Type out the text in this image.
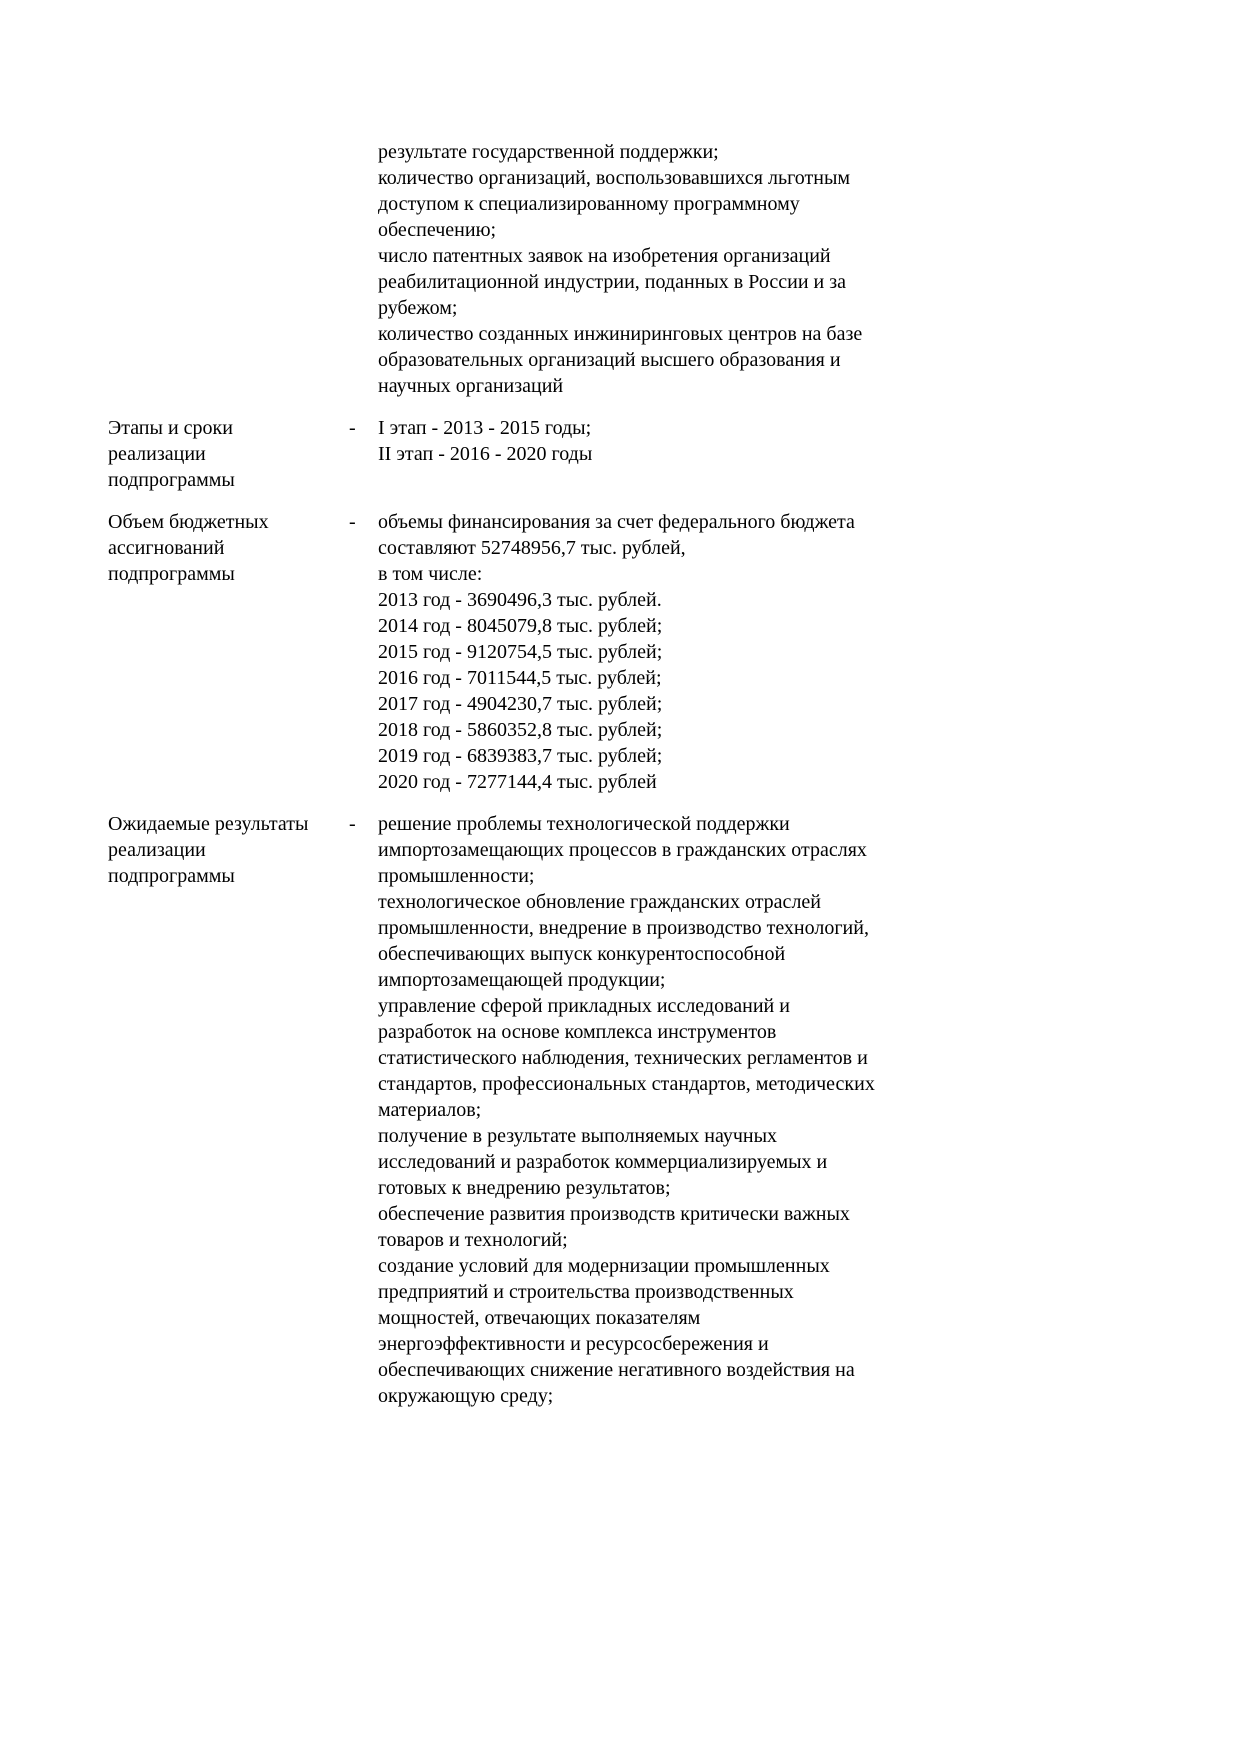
результате государственной поддержки;
количество организаций, воспользовавшихся льготным
доступом к специализированному программному
обеспечению;
число патентных заявок на изобретения организаций
реабилитационной индустрии, поданных в России и за
рубежом;
количество созданных инжиниринговых центров на базе
образовательных организаций высшего образования и
научных организаций
Этапы и сроки
реализации
подпрограммы
-	I этап - 2013 - 2015 годы;
II этап - 2016 - 2020 годы
Объем бюджетных
ассигнований
подпрограммы
-	объемы финансирования за счет федерального бюджета
составляют 52748956,7 тыс. рублей,
в том числе:
2013 год - 3690496,3 тыс. рублей.
2014 год - 8045079,8 тыс. рублей;
2015 год - 9120754,5 тыс. рублей;
2016 год - 7011544,5 тыс. рублей;
2017 год - 4904230,7 тыс. рублей;
2018 год - 5860352,8 тыс. рублей;
2019 год - 6839383,7 тыс. рублей;
2020 год - 7277144,4 тыс. рублей
Ожидаемые результаты
реализации
подпрограммы
-	решение проблемы технологической поддержки
импортозамещающих процессов в гражданских отраслях
промышленности;
технологическое обновление гражданских отраслей
промышленности, внедрение в производство технологий,
обеспечивающих выпуск конкурентоспособной
импортозамещающей продукции;
управление сферой прикладных исследований и
разработок на основе комплекса инструментов
статистического наблюдения, технических регламентов и
стандартов, профессиональных стандартов, методических
материалов;
получение в результате выполняемых научных
исследований и разработок коммерциализируемых и
готовых к внедрению результатов;
обеспечение развития производств критически важных
товаров и технологий;
создание условий для модернизации промышленных
предприятий и строительства производственных
мощностей, отвечающих показателям
энергоэффективности и ресурсосбережения и
обеспечивающих снижение негативного воздействия на
окружающую среду;
